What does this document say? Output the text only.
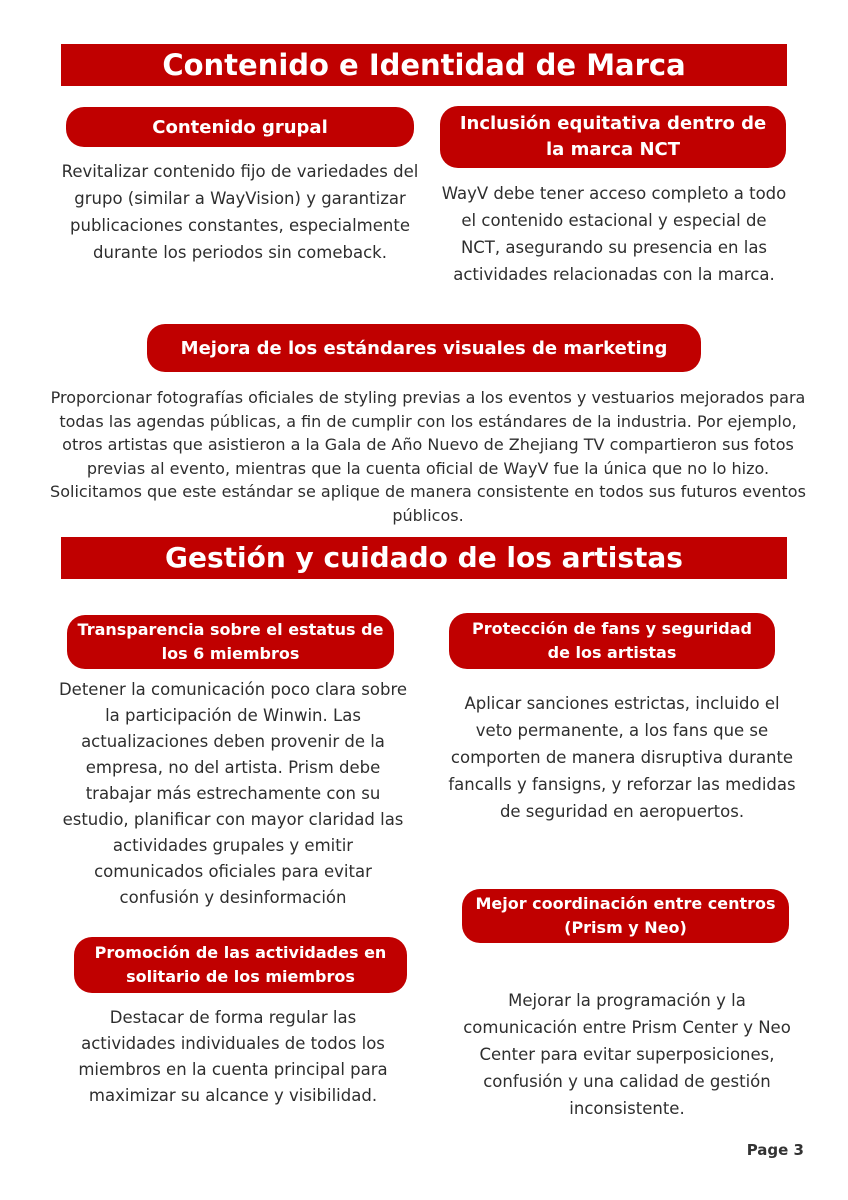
Contenido e Identidad de Marca
Contenido grupal
Revitalizar contenido fijo de variedades del grupo (similar a WayVision) y garantizar publicaciones constantes, especialmente durante los periodos sin comeback.
Inclusión equitativa dentro de la marca NCT
WayV debe tener acceso completo a todo el contenido estacional y especial de NCT, asegurando su presencia en las actividades relacionadas con la marca.
Mejora de los estándares visuales de marketing
Proporcionar fotografías oficiales de styling previas a los eventos y vestuarios mejorados para todas las agendas públicas, a fin de cumplir con los estándares de la industria. Por ejemplo, otros artistas que asistieron a la Gala de Año Nuevo de Zhejiang TV compartieron sus fotos previas al evento, mientras que la cuenta oficial de WayV fue la única que no lo hizo. Solicitamos que este estándar se aplique de manera consistente en todos sus futuros eventos públicos.
Gestión y cuidado de los artistas
Transparencia sobre el estatus de los 6 miembros
Detener la comunicación poco clara sobre la participación de Winwin. Las actualizaciones deben provenir de la empresa, no del artista. Prism debe trabajar más estrechamente con su estudio, planificar con mayor claridad las actividades grupales y emitir comunicados oficiales para evitar confusión y desinformación
Protección de fans y seguridad de los artistas
Aplicar sanciones estrictas, incluido el veto permanente, a los fans que se comporten de manera disruptiva durante fancalls y fansigns, y reforzar las medidas de seguridad en aeropuertos.
Promoción de las actividades en solitario de los miembros
Destacar de forma regular las actividades individuales de todos los miembros en la cuenta principal para maximizar su alcance y visibilidad.
Mejor coordinación entre centros (Prism y Neo)
Mejorar la programación y la comunicación entre Prism Center y Neo Center para evitar superposiciones, confusión y una calidad de gestión inconsistente.
Page 3
